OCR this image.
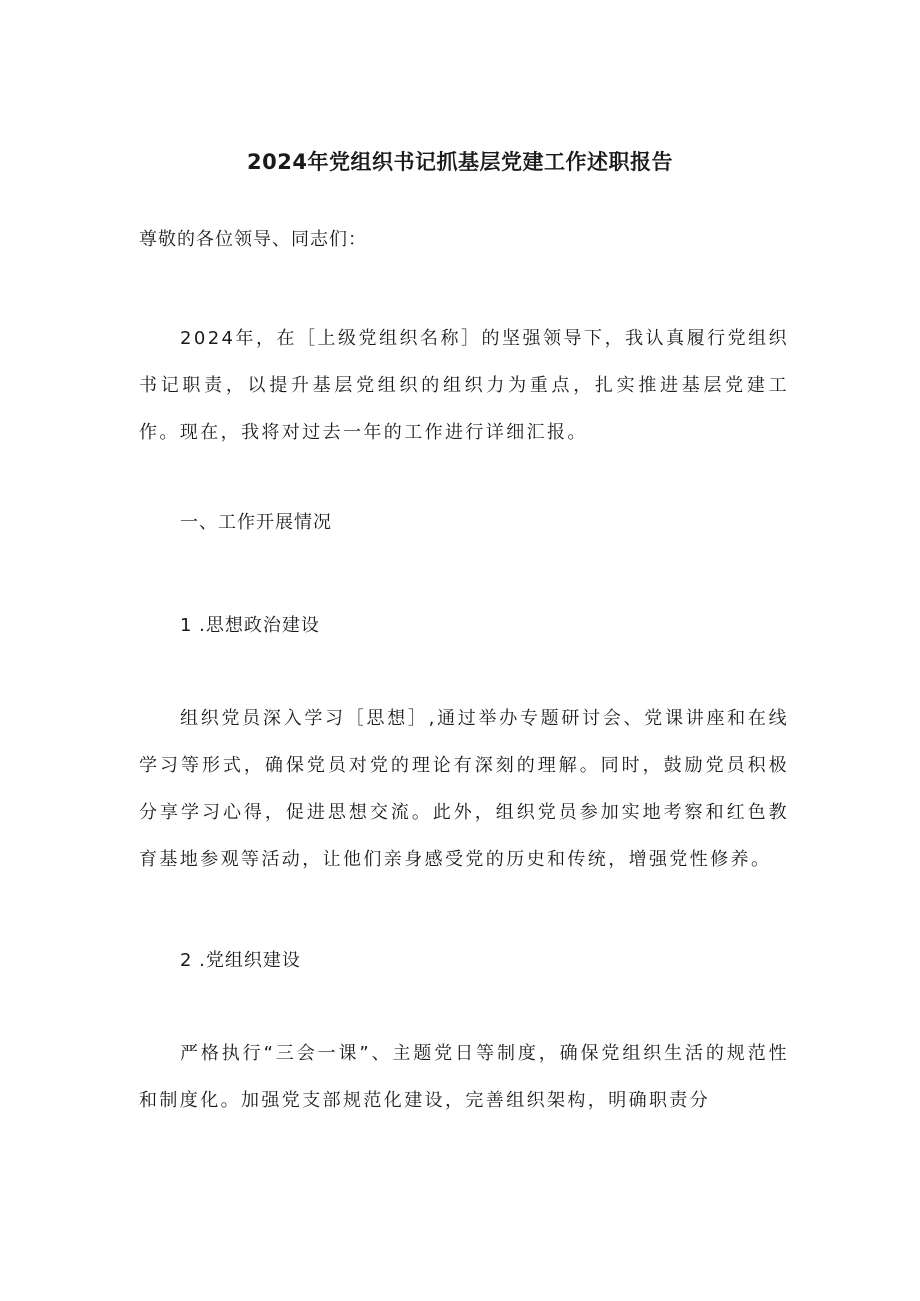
2024年党组织书记抓基层党建工作述职报告
尊敬的各位领导、同志们：
2024年，在［上级党组织名称］的坚强领导下，我认真履行党组织书记职责，以提升基层党组织的组织力为重点，扎实推进基层党建工作。现在，我将对过去一年的工作进行详细汇报。
一、工作开展情况
1 .思想政治建设
组织党员深入学习［思想］,通过举办专题研讨会、党课讲座和在线学习等形式，确保党员对党的理论有深刻的理解。同时，鼓励党员积极分享学习心得，促进思想交流。此外，组织党员参加实地考察和红色教育基地参观等活动，让他们亲身感受党的历史和传统，增强党性修养。
2 .党组织建设
严格执行“三会一课”、主题党日等制度，确保党组织生活的规范性和制度化。加强党支部规范化建设，完善组织架构，明确职责分
